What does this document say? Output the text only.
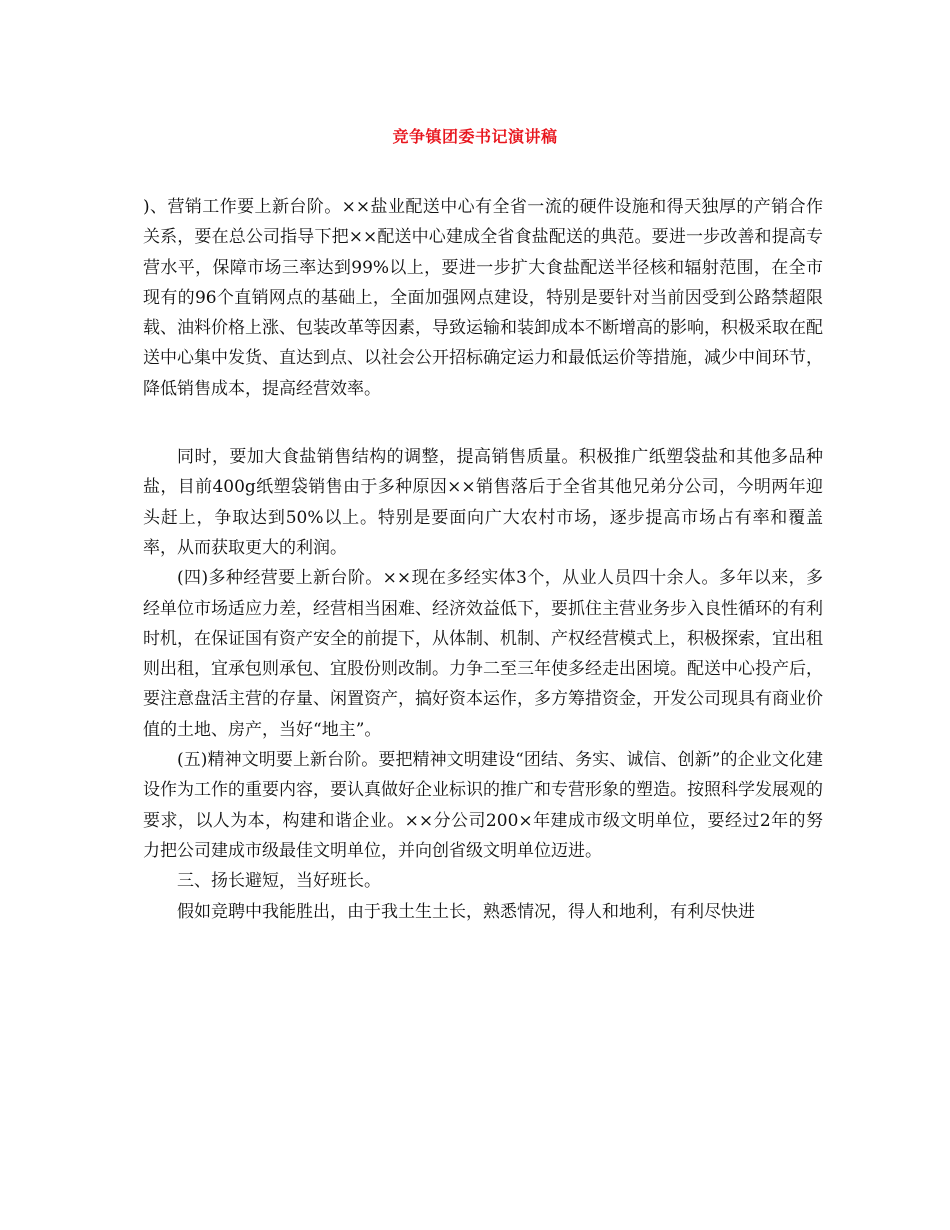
竞争镇团委书记演讲稿

)、营销工作要上新台阶。××盐业配送中心有全省一流的硬件设施和得天独厚的产销合作关系，要在总公司指导下把××配送中心建成全省食盐配送的典范。要进一步改善和提高专营水平，保障市场三率达到99%以上，要进一步扩大食盐配送半径核和辐射范围，在全市现有的96个直销网点的基础上，全面加强网点建设，特别是要针对当前因受到公路禁超限载、油料价格上涨、包装改革等因素，导致运输和装卸成本不断增高的影响，积极采取在配送中心集中发货、直达到点、以社会公开招标确定运力和最低运价等措施，减少中间环节，降低销售成本，提高经营效率。

同时，要加大食盐销售结构的调整，提高销售质量。积极推广纸塑袋盐和其他多品种盐，目前400g纸塑袋销售由于多种原因××销售落后于全省其他兄弟分公司，今明两年迎头赶上，争取达到50%以上。特别是要面向广大农村市场，逐步提高市场占有率和覆盖率，从而获取更大的利润。

(四)多种经营要上新台阶。××现在多经实体3个，从业人员四十余人。多年以来，多经单位市场适应力差，经营相当困难、经济效益低下，要抓住主营业务步入良性循环的有利时机，在保证国有资产安全的前提下，从体制、机制、产权经营模式上，积极探索，宜出租则出租，宜承包则承包、宜股份则改制。力争二至三年使多经走出困境。配送中心投产后，要注意盘活主营的存量、闲置资产，搞好资本运作，多方筹措资金，开发公司现具有商业价值的土地、房产，当好“地主”。

(五)精神文明要上新台阶。要把精神文明建设“团结、务实、诚信、创新”的企业文化建设作为工作的重要内容，要认真做好企业标识的推广和专营形象的塑造。按照科学发展观的要求，以人为本，构建和谐企业。××分公司200×年建成市级文明单位，要经过2年的努力把公司建成市级最佳文明单位，并向创省级文明单位迈进。

三、扬长避短，当好班长。

假如竞聘中我能胜出，由于我土生土长，熟悉情况，得人和地利，有利尽快进
